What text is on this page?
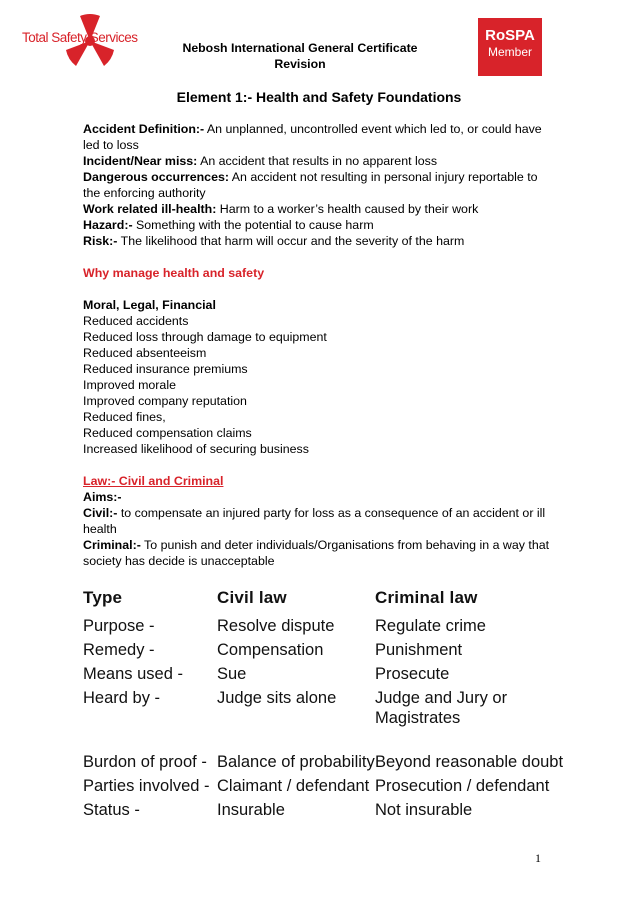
Total Safety Services
Nebosh International General Certificate
Revision
RoSPA
Member
Element 1:- Health and Safety Foundations

Accident Definition:- An unplanned, uncontrolled event which led to, or could have led to loss

Incident/Near miss: An accident that results in no apparent loss

Dangerous occurrences: An accident not resulting in personal injury reportable to the enforcing authority

Work related ill-health: Harm to a worker’s health caused by their work

Hazard:- Something with the potential to cause harm

Risk:- The likelihood that harm will occur and the severity of the harm

Why manage health and safety

Moral, Legal, Financial

Reduced accidents

Reduced loss through damage to equipment

Reduced absenteeism

Reduced insurance premiums

Improved morale

Improved company reputation

Reduced fines,

Reduced compensation claims

Increased likelihood of securing business

Law:- Civil and Criminal

Aims:-

Civil:- to compensate an injured party for loss as a consequence of an accident or ill health

Criminal:- To punish and deter individuals/Organisations from behaving in a way that society has decide is unacceptable

Type	Civil law	Criminal law
Purpose -	Resolve dispute	Regulate crime
Remedy -	Compensation	Punishment
Means used -	Sue	Prosecute
Heard by -	Judge sits alone	Judge and Jury or Magistrates

Burdon of proof -	Balance of probability	Beyond reasonable doubt
Parties involved -	Claimant / defendant	Prosecution / defendant
Status -	Insurable	Not insurable
1
